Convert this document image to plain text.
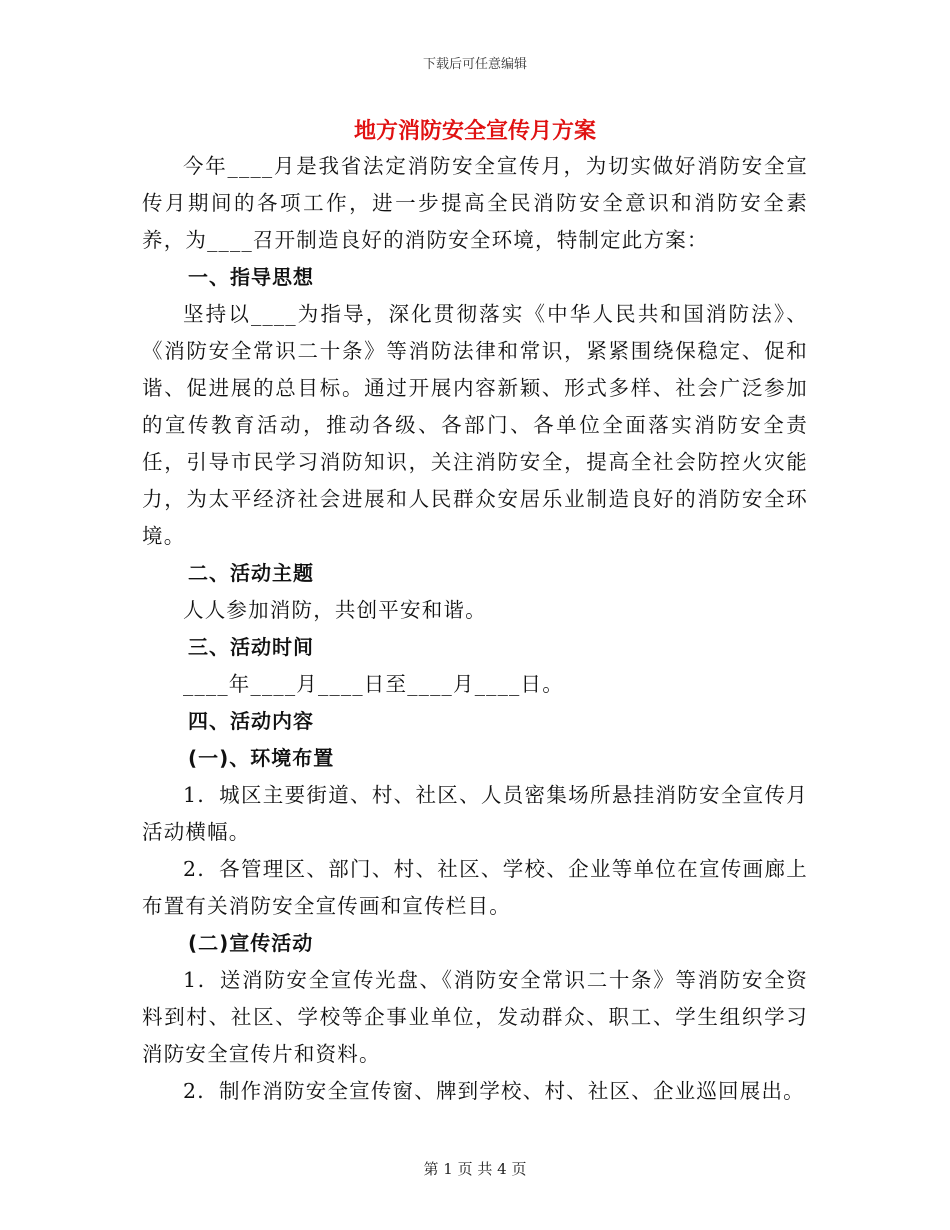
下载后可任意编辑
地方消防安全宣传月方案

今年____月是我省法定消防安全宣传月，为切实做好消防安全宣传月期间的各项工作，进一步提高全民消防安全意识和消防安全素养，为____召开制造良好的消防安全环境，特制定此方案：

一、指导思想

坚持以____为指导，深化贯彻落实《中华人民共和国消防法》、《消防安全常识二十条》等消防法律和常识，紧紧围绕保稳定、促和谐、促进展的总目标。通过开展内容新颖、形式多样、社会广泛参加的宣传教育活动，推动各级、各部门、各单位全面落实消防安全责任，引导市民学习消防知识，关注消防安全，提高全社会防控火灾能力，为太平经济社会进展和人民群众安居乐业制造良好的消防安全环境。

二、活动主题

人人参加消防，共创平安和谐。

三、活动时间

____年____月____日至____月____日。

四、活动内容
(一)、环境布置

1．城区主要街道、村、社区、人员密集场所悬挂消防安全宣传月活动横幅。

2．各管理区、部门、村、社区、学校、企业等单位在宣传画廊上布置有关消防安全宣传画和宣传栏目。

(二)宣传活动

1．送消防安全宣传光盘、《消防安全常识二十条》等消防安全资料到村、社区、学校等企事业单位，发动群众、职工、学生组织学习消防安全宣传片和资料。

2．制作消防安全宣传窗、牌到学校、村、社区、企业巡回展出。

第 1 页 共 4 页
